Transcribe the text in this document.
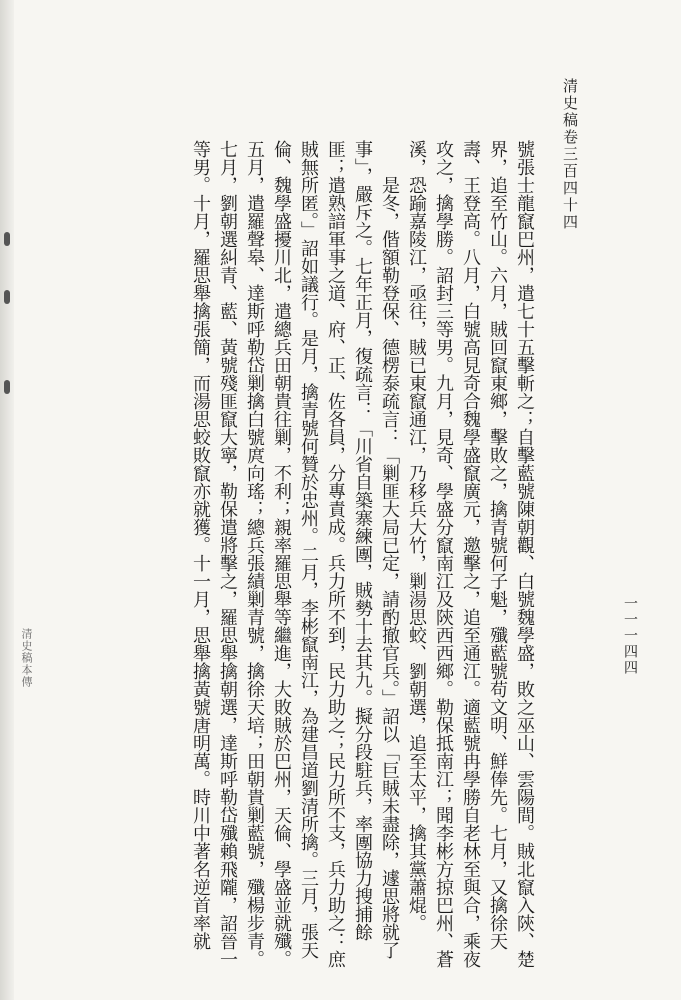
清史稿本傳
清史稿卷三百四十四
一一一四四

號張士龍竄巴州，遣七十五擊斬之；自擊藍號陳朝觀、白號魏學盛，敗之巫山、雲陽間。賊北竄入陝、楚界，追至竹山。六月，賊回竄東鄉，擊敗之，擒青號何子魁，殲藍號苟文明、鮮俸先。七月，又擒徐天壽、王登高。八月，白號高見奇合魏學盛竄廣元，邀擊之，追至通江。適藍號冉學勝自老林至與合，乘夜攻之，擒學勝。詔封三等男。九月，見奇、學盛分竄南江及陝西西鄉。勒保抵南江；聞李彬方掠巴州、蒼溪，恐踰嘉陵江，亟往，賊已東竄通江，乃移兵大竹，剿湯思蛟、劉朝選，追至太平，擒其黨蕭焜。

是冬，偕額勒登保、德楞泰疏言：「剿匪大局已定，請酌撤官兵。」詔以「巨賊未盡除，遽思將就了事」，嚴斥之。七年正月，復疏言：「川省自築寨練團，賊勢十去其九。擬分段駐兵，率團協力搜捕餘匪；遣熟諳軍事之道、府、正、佐各員，分專責成。兵力所不到，民力助之；民力所不支，兵力助之：庶賊無所匿。」詔如議行。是月，擒青號何贊於忠州。二月，李彬竄南江，為建昌道劉清所擒。三月，張天倫、魏學盛擾川北，遣總兵田朝貴往剿，不利；親率羅思舉等繼進，大敗賊於巴州，天倫、學盛並就殲。五月，遣羅聲皋、達斯呼勒岱剿擒白號庹向瑤；總兵張績剿青號，擒徐天培；田朝貴剿藍號，殲楊步青。七月，劉朝選糾青、藍、黃號殘匪竄大寧，勒保遣將擊之，羅思舉擒朝選，達斯呼勒岱殲賴飛隴，詔晉一等男。十月，羅思舉擒張簡，而湯思蛟敗竄亦就獲。十一月，思舉擒黃號唐明萬。時川中著名逆首率就
